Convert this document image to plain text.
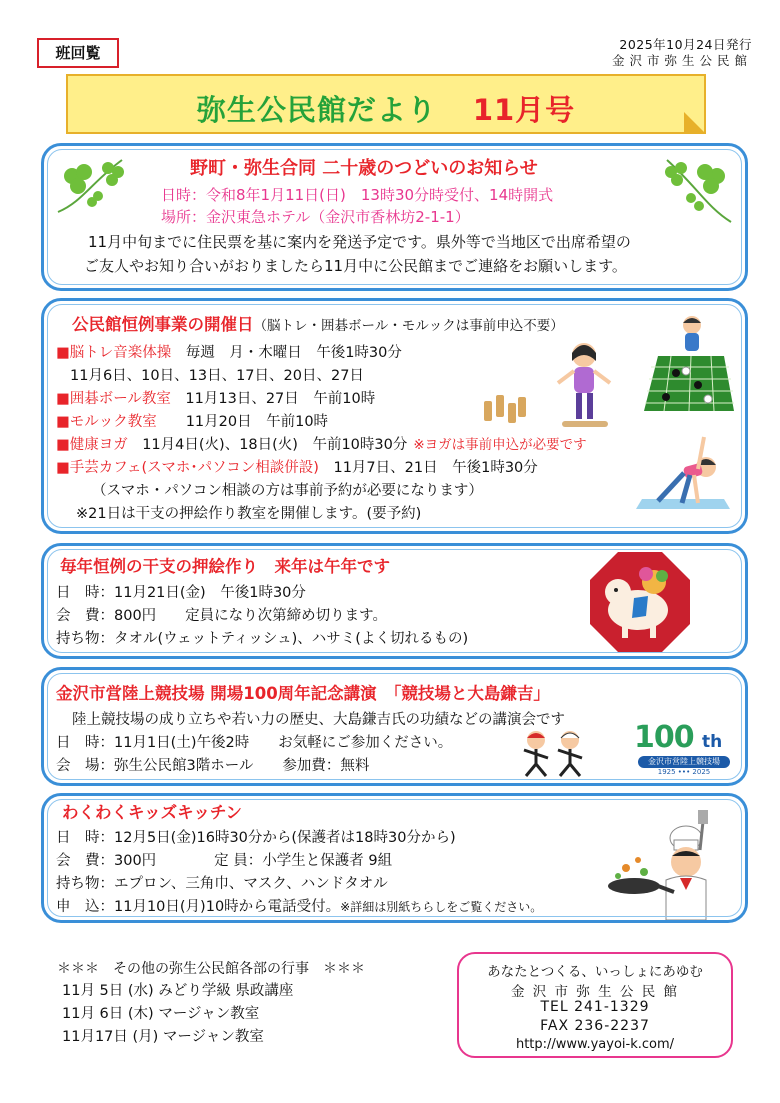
班回覧	2025年10月24日発行
金沢市弥生公民館
弥生公民館だより 11月号
野町・弥生合同 二十歳のつどいのお知らせ
日時：令和8年1月11日(日)　13時30分時受付、14時開式
場所：金沢東急ホテル（金沢市香林坊2-1-1）
11月中旬までに住民票を基に案内を発送予定です。県外等で当地区で出席希望の
ご友人やお知り合いがおりましたら11月中に公民館までご連絡をお願いします。
公民館恒例事業の開催日（脳トレ・囲碁ボール・モルックは事前申込不要）
■脳トレ音楽体操　毎週　月・木曜日　午後1時30分
11月6日、10日、13日、17日、20日、27日
■囲碁ボール教室　11月13日、27日　午前10時
■モルック教室　　11月20日　午前10時
■健康ヨガ　11月4日(火)、18日(火)　午前10時30分 ※ヨガは事前申込が必要です
■手芸カフェ(スマホ･パソコン相談併設)　11月7日、21日　午後1時30分
（スマホ・パソコン相談の方は事前予約が必要になります）
※21日は干支の押絵作り教室を開催します。(要予約)
毎年恒例の干支の押絵作り　来年は午年です
日　時：11月21日(金)　午後1時30分
会　費：800円　　定員になり次第締め切ります。
持ち物：タオル(ウェットティッシュ)、ハサミ(よく切れるもの)
金沢市営陸上競技場 開場100周年記念講演　「競技場と大島鎌吉」
陸上競技場の成り立ちや若い力の歴史、大島鎌吉氏の功績などの講演会です
日　時：11月1日(土)午後2時　　お気軽にご参加ください。
会　場：弥生公民館3階ホール　　参加費：無料
100 th
金沢市営陸上競技場
1925 ••• 2025
わくわくキッズキッチン
日　時：12月5日(金)16時30分から(保護者は18時30分から)
会　費：300円　　　　定 員：小学生と保護者 9組
持ち物：エプロン、三角巾、マスク、ハンドタオル
申　込：11月10日(月)10時から電話受付。※詳細は別紙ちらしをご覧ください。
＊＊＊　その他の弥生公民館各部の行事　＊＊＊
11月 5日 (水) みどり学級 県政講座
11月 6日 (木) マージャン教室
11月17日 (月) マージャン教室
あなたとつくる、いっしょにあゆむ
金 沢 市 弥 生 公 民 館
TEL 241-1329
FAX 236-2237
http://www.yayoi-k.com/
